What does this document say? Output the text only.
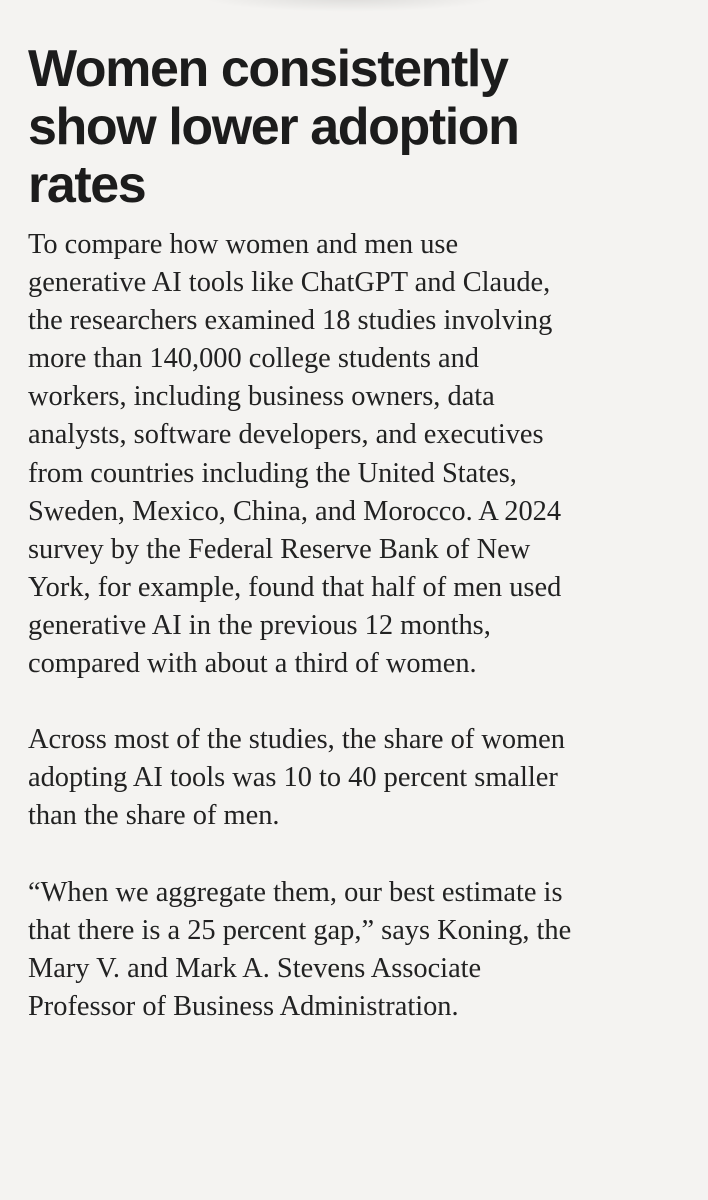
Women consistently
show lower adoption
rates

To compare how women and men use
generative AI tools like ChatGPT and Claude,
the researchers examined 18 studies involving
more than 140,000 college students and
workers, including business owners, data
analysts, software developers, and executives
from countries including the United States,
Sweden, Mexico, China, and Morocco. A 2024
survey by the Federal Reserve Bank of New
York, for example, found that half of men used
generative AI in the previous 12 months,
compared with about a third of women.

Across most of the studies, the share of women
adopting AI tools was 10 to 40 percent smaller
than the share of men.

“When we aggregate them, our best estimate is
that there is a 25 percent gap,” says Koning, the
Mary V. and Mark A. Stevens Associate
Professor of Business Administration.
